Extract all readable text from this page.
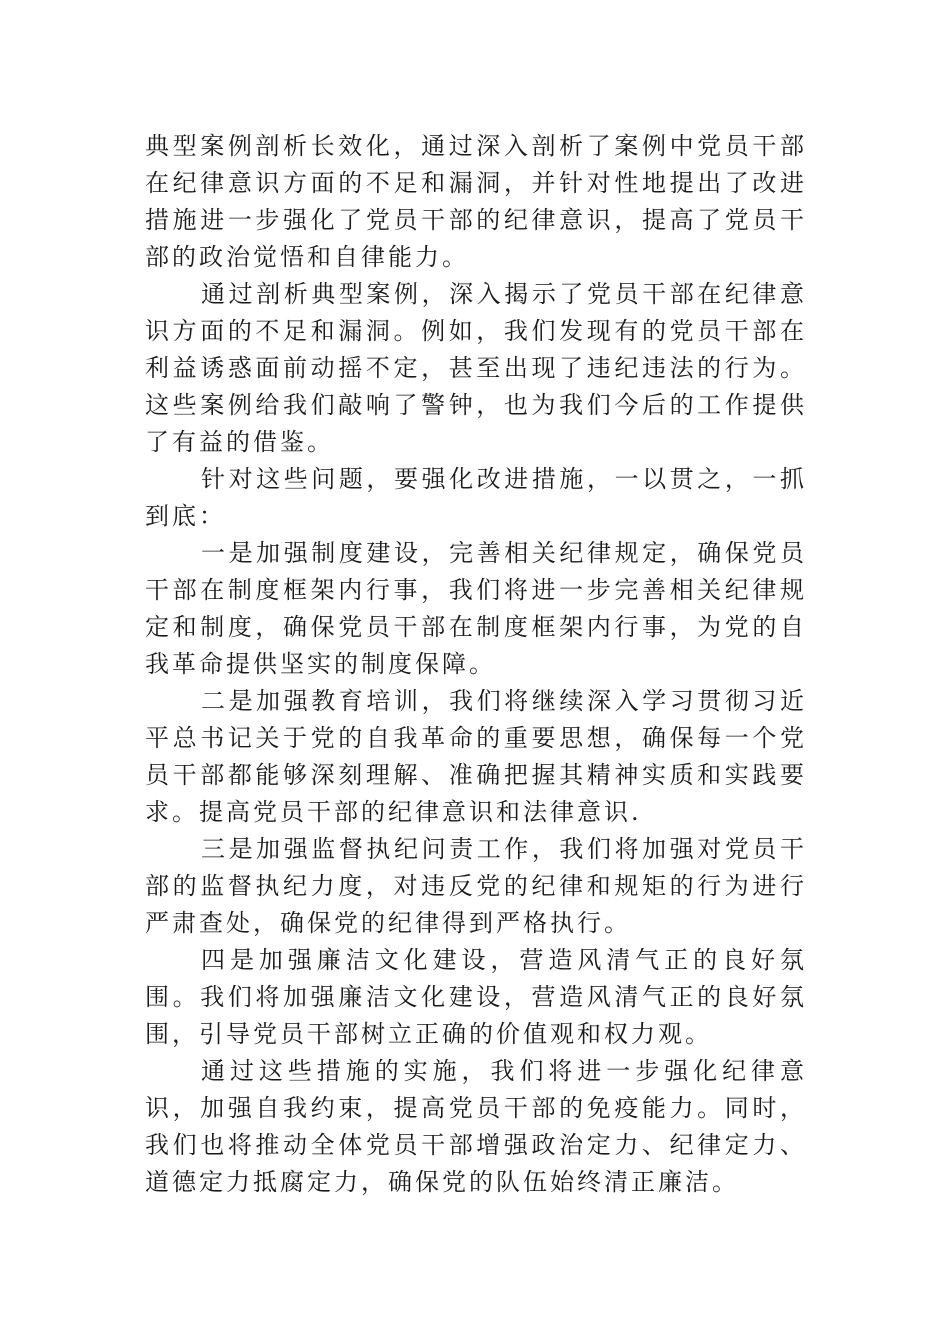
典型案例剖析长效化，通过深入剖析了案例中党员干部在纪律意识方面的不足和漏洞，并针对性地提出了改进措施进一步强化了党员干部的纪律意识，提高了党员干部的政治觉悟和自律能力。

通过剖析典型案例，深入揭示了党员干部在纪律意识方面的不足和漏洞。例如，我们发现有的党员干部在利益诱惑面前动摇不定，甚至出现了违纪违法的行为。这些案例给我们敲响了警钟，也为我们今后的工作提供了有益的借鉴。

针对这些问题，要强化改进措施，一以贯之，一抓到底：

一是加强制度建设，完善相关纪律规定，确保党员干部在制度框架内行事，我们将进一步完善相关纪律规定和制度，确保党员干部在制度框架内行事，为党的自我革命提供坚实的制度保障。

二是加强教育培训，我们将继续深入学习贯彻习近平总书记关于党的自我革命的重要思想，确保每一个党员干部都能够深刻理解、准确把握其精神实质和实践要求。提高党员干部的纪律意识和法律意识.

三是加强监督执纪问责工作，我们将加强对党员干部的监督执纪力度，对违反党的纪律和规矩的行为进行严肃查处，确保党的纪律得到严格执行。

四是加强廉洁文化建设，营造风清气正的良好氛围。我们将加强廉洁文化建设，营造风清气正的良好氛围，引导党员干部树立正确的价值观和权力观。

通过这些措施的实施，我们将进一步强化纪律意识，加强自我约束，提高党员干部的免疫能力。同时，我们也将推动全体党员干部增强政治定力、纪律定力、道德定力抵腐定力，确保党的队伍始终清正廉洁。
